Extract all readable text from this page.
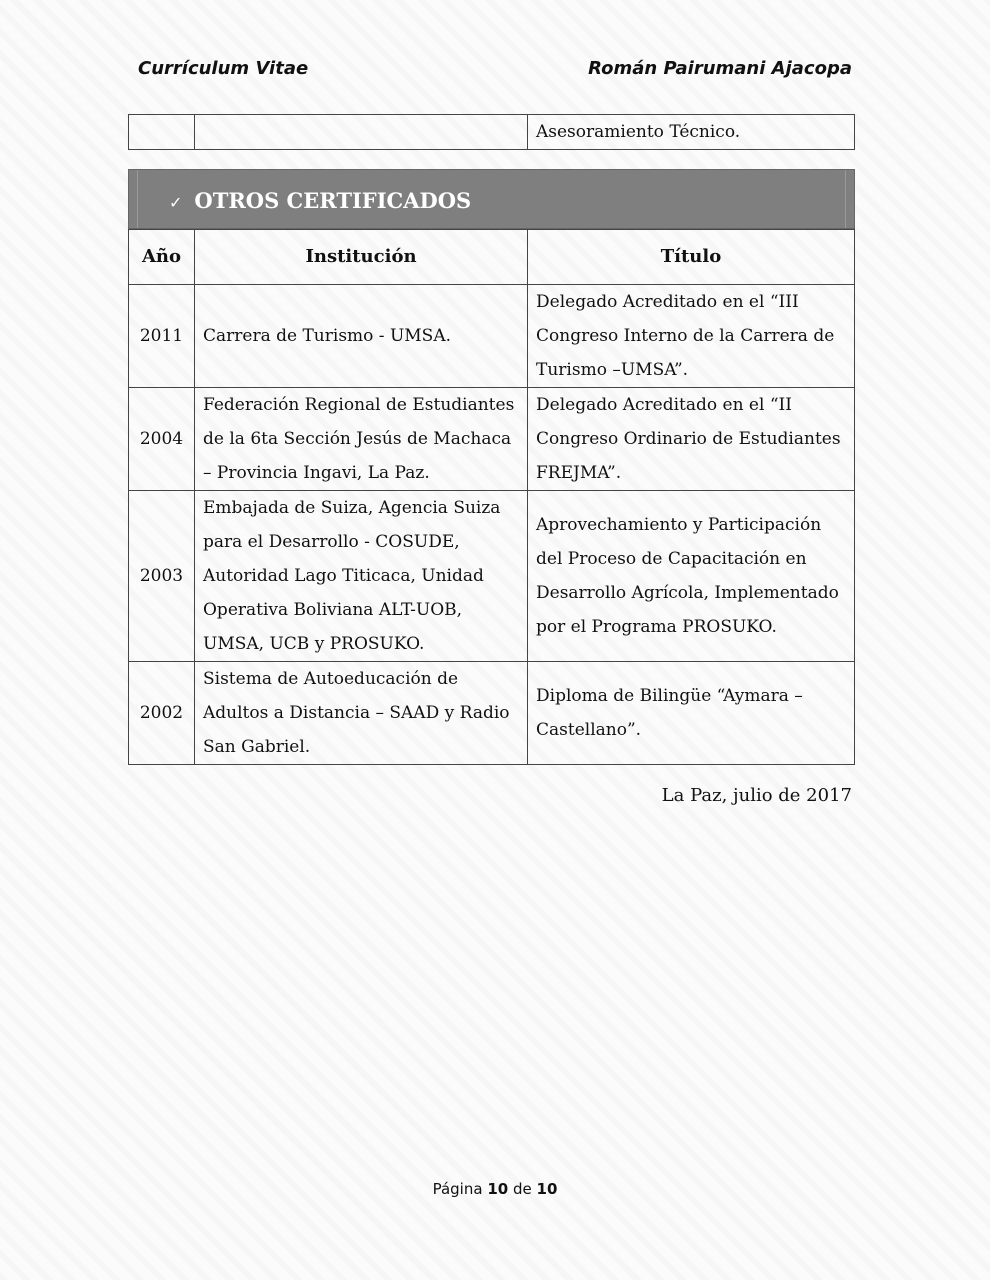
Currículum Vitae	Román Pairumani Ajacopa
		Asesoramiento Técnico.
✓ OTROS CERTIFICADOS
Año	Institución	Título
2011	Carrera de Turismo - UMSA.	Delegado Acreditado en el “III Congreso Interno de la Carrera de Turismo –UMSA”.
2004	Federación Regional de Estudiantes de la 6ta Sección Jesús de Machaca – Provincia Ingavi, La Paz.	Delegado Acreditado en el “II Congreso Ordinario de Estudiantes FREJMA”.
2003	Embajada de Suiza, Agencia Suiza para el Desarrollo - COSUDE, Autoridad Lago Titicaca, Unidad Operativa Boliviana ALT-UOB, UMSA, UCB y PROSUKO.	Aprovechamiento y Participación del Proceso de Capacitación en Desarrollo Agrícola, Implementado por el Programa PROSUKO.
2002	Sistema de Autoeducación de Adultos a Distancia – SAAD y Radio San Gabriel.	Diploma de Bilingüe “Aymara – Castellano”.
La Paz, julio de 2017
Página 10 de 10
